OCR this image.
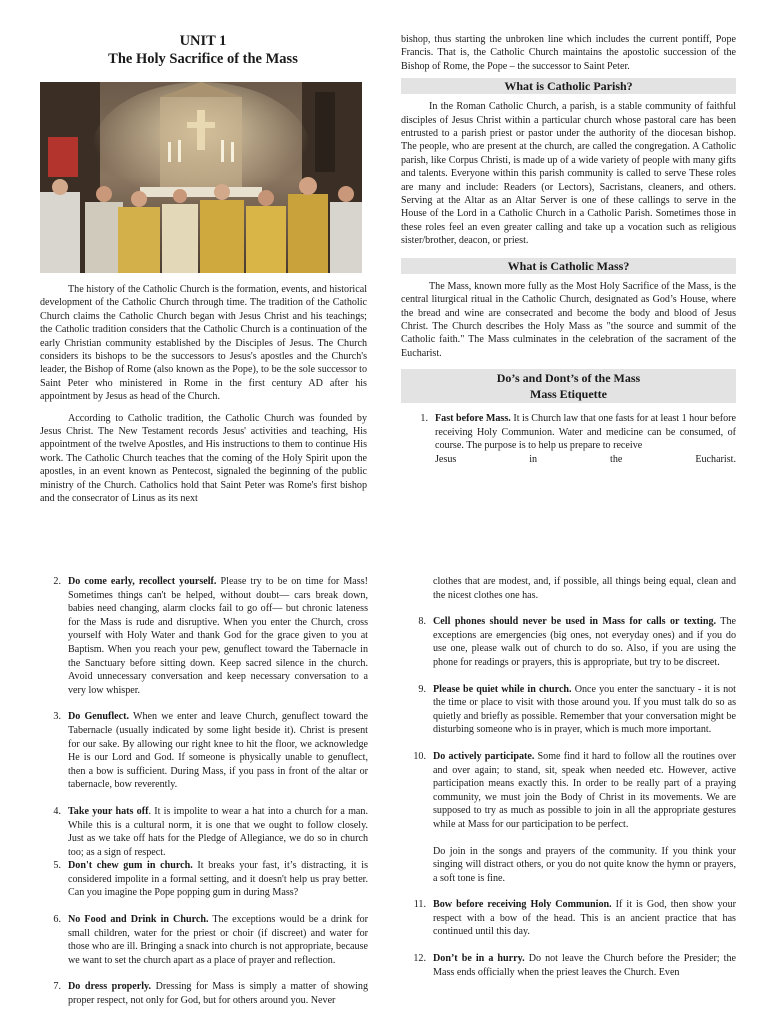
UNIT 1

The Holy Sacrifice of the Mass

The history of the Catholic Church is the formation, events, and historical development of the Catholic Church through time. The tradition of the Catholic Church claims the Catholic Church began with Jesus Christ and his teachings; the Catholic tradition considers that the Catholic Church is a continuation of the early Christian community established by the Disciples of Jesus. The Church considers its bishops to be the successors to Jesus's apostles and the Church's leader, the Bishop of Rome (also known as the Pope), to be the sole successor to Saint Peter who ministered in Rome in the first century AD after his appointment by Jesus as head of the Church.

According to Catholic tradition, the Catholic Church was founded by Jesus Christ. The New Testament records Jesus' activities and teaching, His appointment of the twelve Apostles, and His instructions to them to continue His work. The Catholic Church teaches that the coming of the Holy Spirit upon the apostles, in an event known as Pentecost, signaled the beginning of the public ministry of the Church. Catholics hold that Saint Peter was Rome's first bishop and the consecrator of Linus as its next

bishop, thus starting the unbroken line which includes the current pontiff, Pope Francis. That is, the Catholic Church maintains the apostolic succession of the Bishop of Rome, the Pope – the successor to Saint Peter.

What is Catholic Parish?

In the Roman Catholic Church, a parish, is a stable community of faithful disciples of Jesus Christ within a particular church whose pastoral care has been entrusted to a parish priest or pastor under the authority of the diocesan bishop. The people, who are present at the church, are called the congregation. A Catholic parish, like Corpus Christi, is made up of a wide variety of people with many gifts and talents. Everyone within this parish community is called to serve These roles are many and include: Readers (or Lectors), Sacristans, cleaners, and others. Serving at the Altar as an Altar Server is one of these callings to serve in the House of the Lord in a Catholic Church in a Catholic Parish. Sometimes those in these roles feel an even greater calling and take up a vocation such as religious sister/brother, deacon, or priest.

What is Catholic Mass?

The Mass, known more fully as the Most Holy Sacrifice of the Mass, is the central liturgical ritual in the Catholic Church, designated as God’s House, where the bread and wine are consecrated and become the body and blood of Jesus Christ. The Church describes the Holy Mass as "the source and summit of the Catholic faith." The Mass culminates in the celebration of the sacrament of the Eucharist.

Do’s and Dont’s of the Mass
Mass Etiquette
1. Fast before Mass. It is Church law that one fasts for at least 1 hour before receiving Holy Communion. Water and medicine can be consumed, of course. The purpose is to help us prepare to receive
Jesus	in	the	Eucharist.
2. Do come early, recollect yourself. Please try to be on time for Mass! Sometimes things can't be helped, without doubt— cars break down, babies need changing, alarm clocks fail to go off— but chronic lateness for the Mass is rude and disruptive. When you enter the Church, cross yourself with Holy Water and thank God for the grace given to you at Baptism. When you reach your pew, genuflect toward the Tabernacle in the Sanctuary before sitting down. Keep sacred silence in the church. Avoid unnecessary conversation and keep necessary conversation to a very low whisper.
3. Do Genuflect. When we enter and leave Church, genuflect toward the Tabernacle (usually indicated by some light beside it). Christ is present for our sake. By allowing our right knee to hit the floor, we acknowledge He is our Lord and God. If someone is physically unable to genuflect, then a bow is sufficient. During Mass, if you pass in front of the altar or tabernacle, bow reverently.
4. Take your hats off. It is impolite to wear a hat into a church for a man. While this is a cultural norm, it is one that we ought to follow closely. Just as we take off hats for the Pledge of Allegiance, we do so in church too; as a sign of respect.
5. Don't chew gum in church. It breaks your fast, it’s distracting, it is considered impolite in a formal setting, and it doesn't help us pray better. Can you imagine the Pope popping gum in during Mass?
6. No Food and Drink in Church. The exceptions would be a drink for small children, water for the priest or choir (if discreet) and water for those who are ill. Bringing a snack into church is not appropriate, because we want to set the church apart as a place of prayer and reflection.
7. Do dress properly. Dressing for Mass is simply a matter of showing proper respect, not only for God, but for others around you. Never
clothes that are modest, and, if possible, all things being equal, clean and the nicest clothes one has.
8. Cell phones should never be used in Mass for calls or texting. The exceptions are emergencies (big ones, not everyday ones) and if you do use one, please walk out of church to do so. Also, if you are using the phone for readings or prayers, this is appropriate, but try to be discreet.
9. Please be quiet while in church. Once you enter the sanctuary - it is not the time or place to visit with those around you. If you must talk do so as quietly and briefly as possible. Remember that your conversation might be disturbing someone who is in prayer, which is much more important.
10. Do actively participate. Some find it hard to follow all the routines over and over again; to stand, sit, speak when needed etc. However, active participation means exactly this. In order to be really part of a praying community, we must join the Body of Christ in its movements. We are supposed to try as much as possible to join in all the appropriate gestures while at Mass for our participation to be perfect.
Do join in the songs and prayers of the community. If you think your singing will distract others, or you do not quite know the hymn or prayers, a soft tone is fine.
11. Bow before receiving Holy Communion. If it is God, then show your respect with a bow of the head. This is an ancient practice that has continued until this day.
12. Don’t be in a hurry. Do not leave the Church before the Presider; the Mass ends officially when the priest leaves the Church. Even
